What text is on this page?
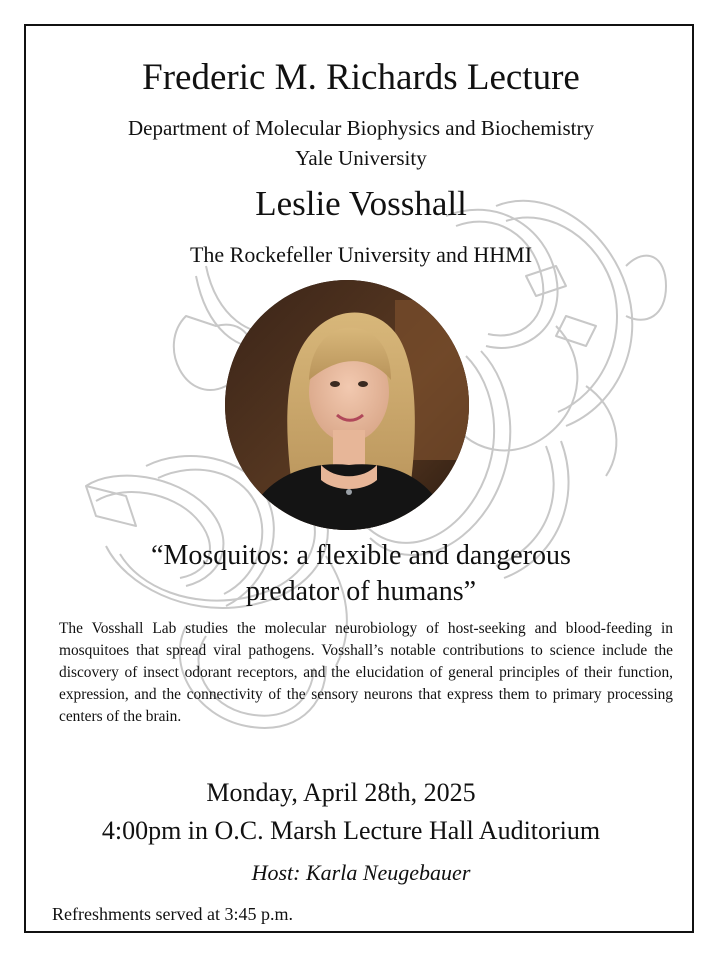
Frederic M. Richards Lecture
Department of Molecular Biophysics and Biochemistry
Yale University
Leslie Vosshall
The Rockefeller University and HHMI
“Mosquitos: a flexible and dangerous
predator of humans”
The Vosshall Lab studies the molecular neurobiology of host-seeking and blood-feeding in mosquitoes that spread viral pathogens. Vosshall’s notable contributions to science include the discovery of insect odorant receptors, and the elucidation of general principles of their function, expression, and the connectivity of the sensory neurons that express them to primary processing centers of the brain.
Monday, April 28th, 2025
4:00pm in O.C. Marsh Lecture Hall Auditorium
Host: Karla Neugebauer
Refreshments served at 3:45 p.m.
